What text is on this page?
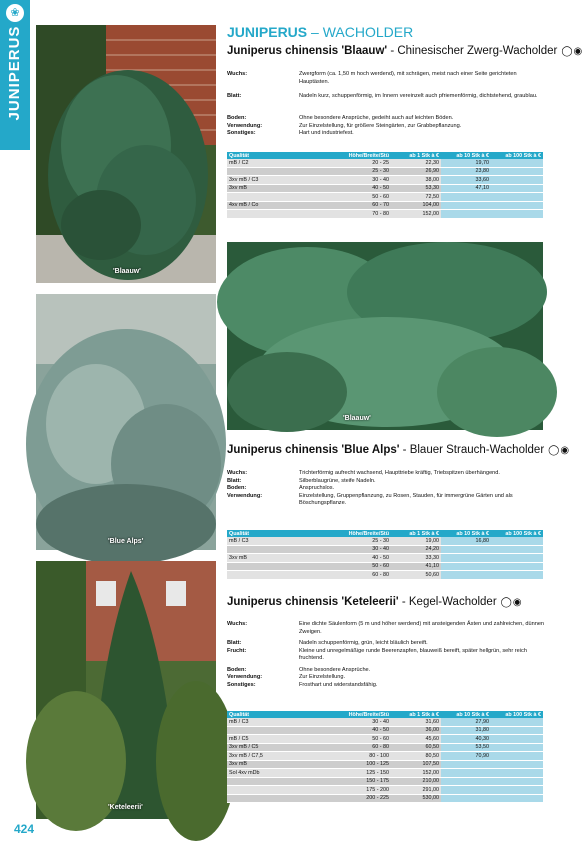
❀
JUNIPERUS
'Blaauw'
'Blue Alps'
'Keteleerii'
'Blaauw'
JUNIPERUS – WACHOLDER
Juniperus chinensis 'Blaauw' - Chinesischer Zwerg-Wacholder ◯◉
Wuchs:	Zwergform (ca. 1,50 m hoch werdend), mit schrägen, meist nach einer Seite gerichteten Hauptästen.
Blatt:	Nadeln kurz, schuppenförmig, im Innern vereinzelt auch pfriemenförmig, dichtstehend, graublau.
Boden:	Ohne besondere Ansprüche, gedeiht auch auf leichten Böden.
Verwendung:	Zur Einzelstellung, für größere Steingärten, zur Grabbepflanzung.
Sonstiges:	Hart und industriefest.
Qualität	Höhe/Breite/Stü	ab 1 Stk à €	ab 10 Stk à €	ab 100 Stk à €
mB / C2	20 - 25	22,30	19,70	
	25 - 30	26,90	23,80	
3xv mB / C3	30 - 40	38,00	33,60	
3xv mB	40 - 50	53,30	47,10	
	50 - 60	72,50		
4xv mB / Co	60 - 70	104,00		
	70 - 80	152,00		
Juniperus chinensis 'Blue Alps' - Blauer Strauch-Wacholder ◯◉
Wuchs:	Trichterförmig aufrecht wachsend, Haupttriebe kräftig, Triebspitzen überhängend.
Blatt:	Silberblaugrüne, steife Nadeln.
Boden:	Anspruchslos.
Verwendung:	Einzelstellung, Gruppenpflanzung, zu Rosen, Stauden, für immergrüne Gärten und als Böschungspflanze.
Qualität	Höhe/Breite/Stü	ab 1 Stk à €	ab 10 Stk à €	ab 100 Stk à €
mB / C3	25 - 30	19,00	16,80	
	30 - 40	24,20		
3xv mB	40 - 50	33,30		
	50 - 60	41,10		
	60 - 80	50,60		
Juniperus chinensis 'Keteleerii' - Kegel-Wacholder ◯◉
Wuchs:	Eine dichte Säulenform (5 m und höher werdend) mit ansteigenden Ästen und zahlreichen, dünnen Zweigen.
Blatt:	Nadeln schuppenförmig, grün, leicht bläulich bereift.
Frucht:	Kleine und unregelmäßige runde Beerenzapfen, blauweiß bereift, später hellgrün, sehr reich fruchtend.
Boden:	Ohne besondere Ansprüche.
Verwendung:	Zur Einzelstellung.
Sonstiges:	Frosthart und widerstandsfähig.
Qualität	Höhe/Breite/Stü	ab 1 Stk à €	ab 10 Stk à €	ab 100 Stk à €
mB / C3	30 - 40	31,60	27,90	
	40 - 50	36,00	31,80	
mB / C5	50 - 60	45,60	40,30	
3xv mB / C5	60 - 80	60,50	53,50	
3xv mB / C7,5	80 - 100	80,50	70,90	
3xv mB	100 - 125	107,50		
Sol 4xv mDb	125 - 150	152,00		
	150 - 175	210,00		
	175 - 200	291,00		
	200 - 225	530,00		
424
